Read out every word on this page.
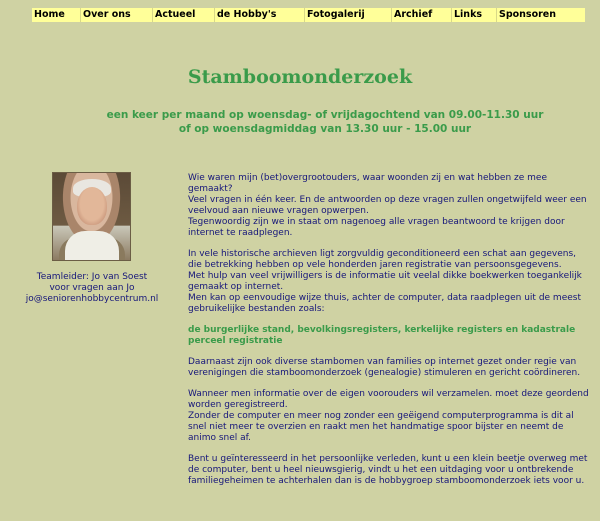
Home	Over ons	Actueel	de Hobby's	Fotogalerij	Archief	Links	Sponsoren
Stamboomonderzoek
een keer per maand op woensdag- of vrijdagochtend van 09.00-11.30 uur
of op woensdagmiddag van 13.30 uur - 15.00 uur
Teamleider: Jo van Soest
voor vragen aan Jo
jo@seniorenhobbycentrum.nl

Wie waren mijn (bet)overgrootouders, waar woonden zij en wat hebben ze mee gemaakt?
Veel vragen in één keer. En de antwoorden op deze vragen zullen ongetwijfeld weer een veelvoud aan nieuwe vragen opwerpen.
Tegenwoordig zijn we in staat om nagenoeg alle vragen beantwoord te krijgen door internet te raadplegen.

In vele historische archieven ligt zorgvuldig geconditioneerd een schat aan gegevens, die betrekking hebben op vele honderden jaren registratie van persoonsgegevens.
Met hulp van veel vrijwilligers is de informatie uit veelal dikke boekwerken toegankelijk gemaakt op internet.
Men kan op eenvoudige wijze thuis, achter de computer, data raadplegen uit de meest gebruikelijke bestanden zoals:

de burgerlijke stand, bevolkingsregisters, kerkelijke registers en kadastrale perceel registratie

Daarnaast zijn ook diverse stambomen van families op internet gezet onder regie van verenigingen die stamboomonderzoek (genealogie) stimuleren en gericht coördineren.

Wanneer men informatie over de eigen voorouders wil verzamelen. moet deze geordend worden geregistreerd.
Zonder de computer en meer nog zonder een geëigend computerprogramma is dit al snel niet meer te overzien en raakt men het handmatige spoor bijster en neemt de animo snel af.

Bent u geïnteresseerd in het persoonlijke verleden, kunt u een klein beetje overweg met de computer, bent u heel nieuwsgierig, vindt u het een uitdaging voor u ontbrekende familiegeheimen te achterhalen dan is de hobbygroep stamboomonderzoek iets voor u.
